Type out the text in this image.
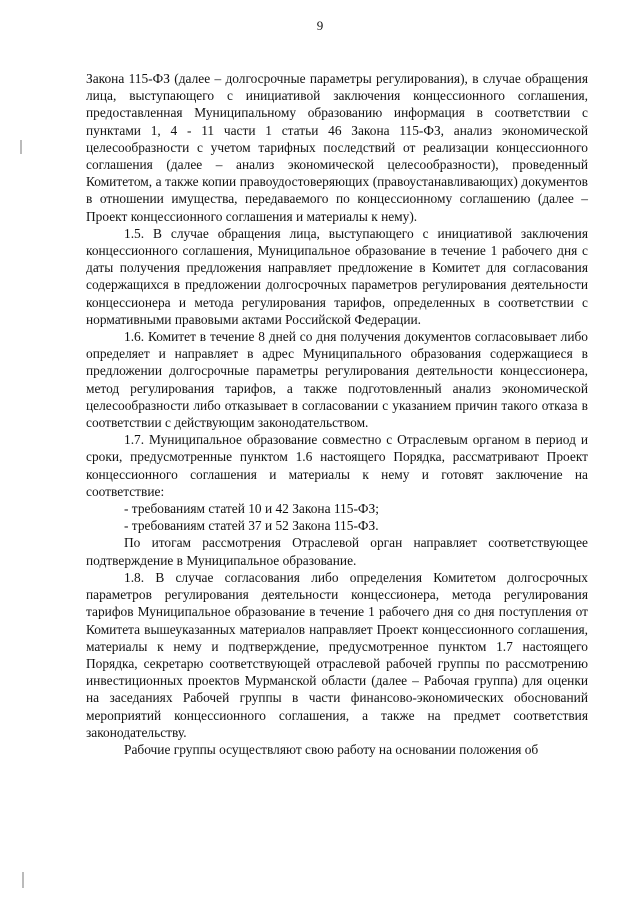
9

Закона 115-ФЗ (далее – долгосрочные параметры регулирования), в случае обращения лица, выступающего с инициативой заключения концессионного соглашения, предоставленная Муниципальному образованию информация в соответствии с пунктами 1, 4 - 11 части 1 статьи 46 Закона 115-ФЗ, анализ экономической целесообразности с учетом тарифных последствий от реализации концессионного соглашения (далее – анализ экономической целесообразности), проведенный Комитетом, а также копии правоудостоверяющих (правоустанавливающих) документов в отношении имущества, передаваемого по концессионному соглашению (далее – Проект концессионного соглашения и материалы к нему).

1.5. В случае обращения лица, выступающего с инициативой заключения концессионного соглашения, Муниципальное образование в течение 1 рабочего дня с даты получения предложения направляет предложение в Комитет для согласования содержащихся в предложении долгосрочных параметров регулирования деятельности концессионера и метода регулирования тарифов, определенных в соответствии с нормативными правовыми актами Российской Федерации.

1.6. Комитет в течение 8 дней со дня получения документов согласовывает либо определяет и направляет в адрес Муниципального образования содержащиеся в предложении долгосрочные параметры регулирования деятельности концессионера, метод регулирования тарифов, а также подготовленный анализ экономической целесообразности либо отказывает в согласовании с указанием причин такого отказа в соответствии с действующим законодательством.

1.7. Муниципальное образование совместно с Отраслевым органом в период и сроки, предусмотренные пунктом 1.6 настоящего Порядка, рассматривают Проект концессионного соглашения и материалы к нему и готовят заключение на соответствие:

- требованиям статей 10 и 42 Закона 115-ФЗ;

- требованиям статей 37 и 52 Закона 115-ФЗ.

По итогам рассмотрения Отраслевой орган направляет соответствующее подтверждение в Муниципальное образование.

1.8. В случае согласования либо определения Комитетом долгосрочных параметров регулирования деятельности концессионера, метода регулирования тарифов Муниципальное образование в течение 1 рабочего дня со дня поступления от Комитета вышеуказанных материалов направляет Проект концессионного соглашения, материалы к нему и подтверждение, предусмотренное пунктом 1.7 настоящего Порядка, секретарю соответствующей отраслевой рабочей группы по рассмотрению инвестиционных проектов Мурманской области (далее – Рабочая группа) для оценки на заседаниях Рабочей группы в части финансово-экономических обоснований мероприятий концессионного соглашения, а также на предмет соответствия законодательству.

Рабочие группы осуществляют свою работу на основании положения об
